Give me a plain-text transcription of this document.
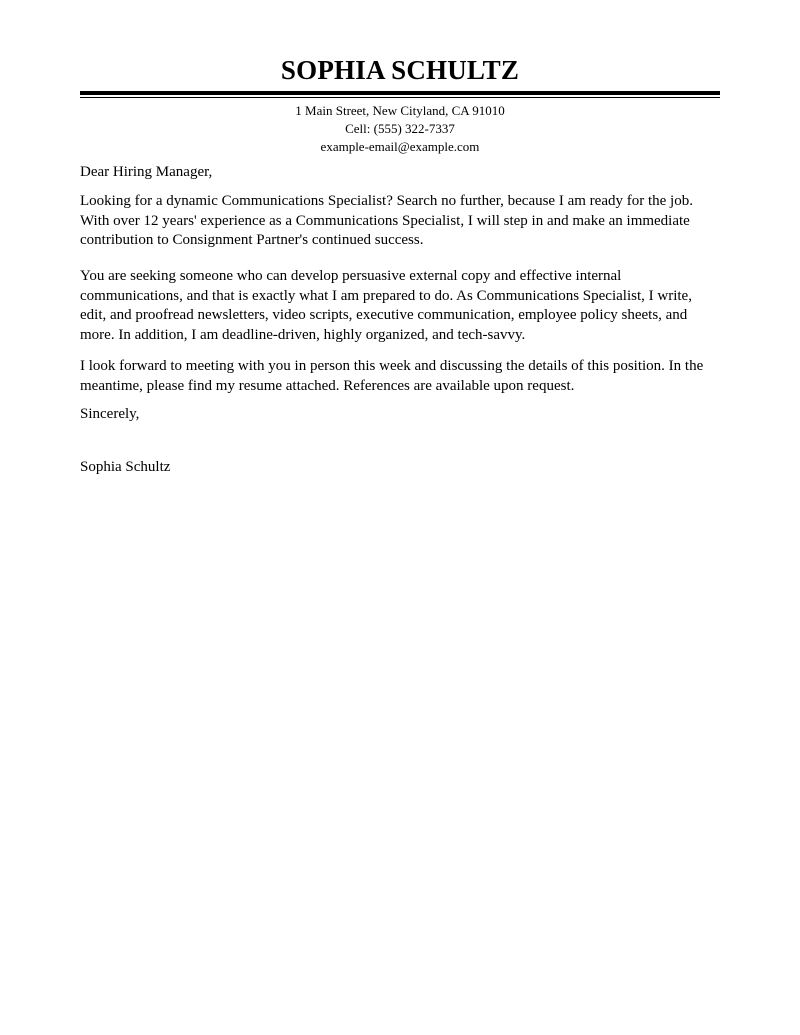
SOPHIA SCHULTZ
1 Main Street, New Cityland, CA 91010
Cell: (555) 322-7337
example-email@example.com
Dear Hiring Manager,

Looking for a dynamic Communications Specialist? Search no further, because I am ready for the job. With over 12 years' experience as a Communications Specialist, I will step in and make an immediate contribution to Consignment Partner's continued success.

You are seeking someone who can develop persuasive external copy and effective internal communications, and that is exactly what I am prepared to do. As Communications Specialist, I write, edit, and proofread newsletters, video scripts, executive communication, employee policy sheets, and more. In addition, I am deadline-driven, highly organized, and tech-savvy.

I look forward to meeting with you in person this week and discussing the details of this position. In the meantime, please find my resume attached. References are available upon request.

Sincerely,
Sophia Schultz
